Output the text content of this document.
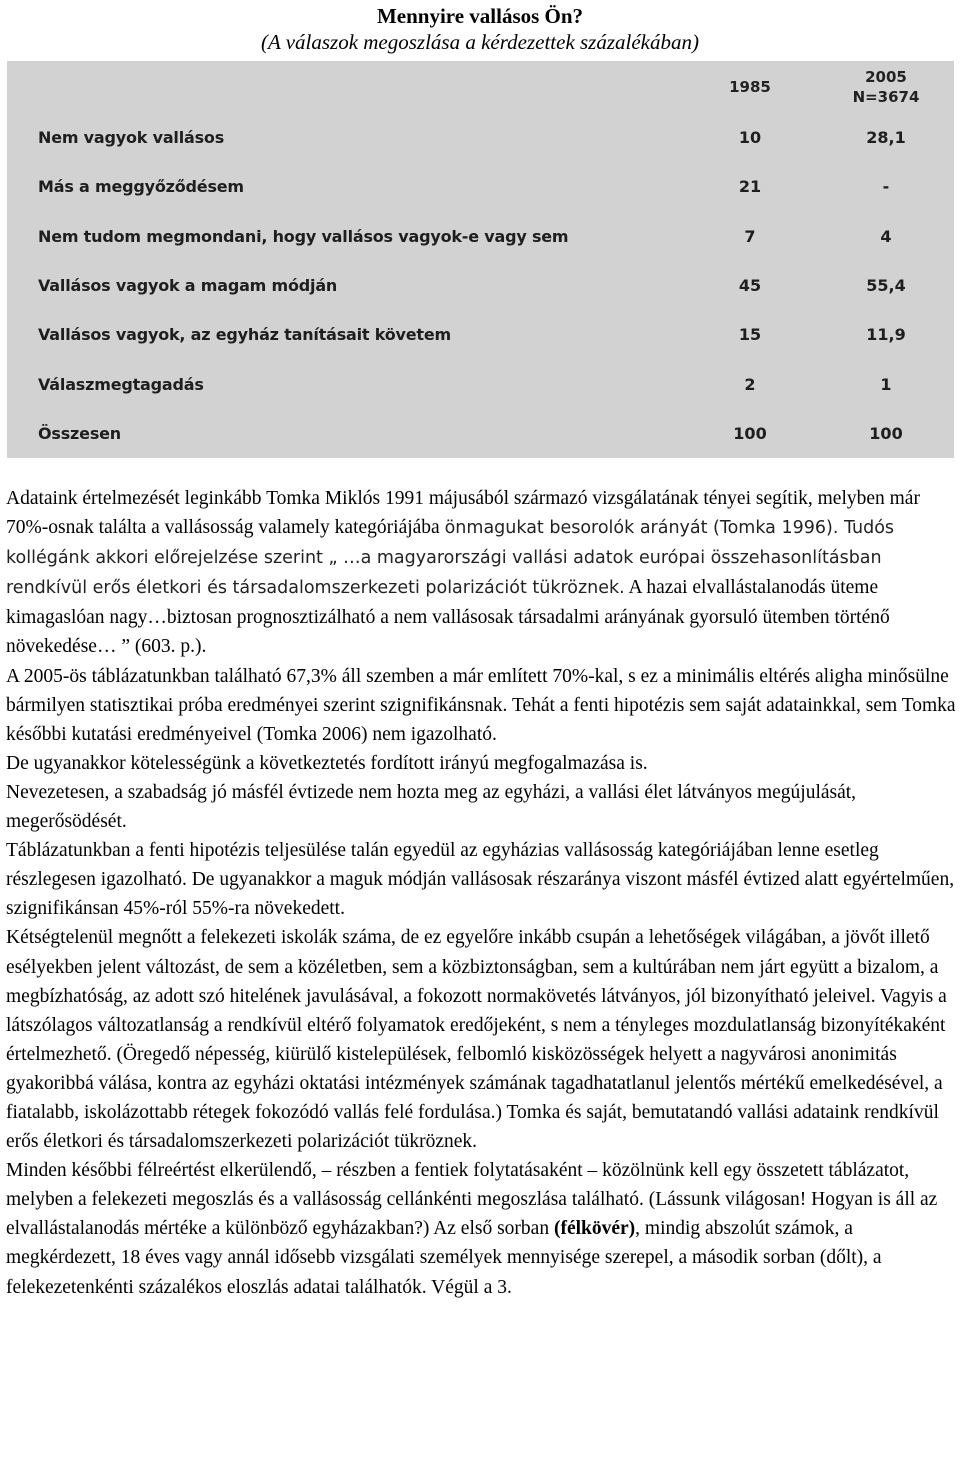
Mennyire vallásos Ön?
(A válaszok megoszlása a kérdezettek százalékában)
1985
2005
N=3674
Nem vagyok vallásos	10	28,1
Más a meggyőződésem	21	-
Nem tudom megmondani, hogy vallásos vagyok-e vagy sem	7	4
Vallásos vagyok a magam módján	45	55,4
Vallásos vagyok, az egyház tanításait követem	15	11,9
Válaszmegtagadás	2	1
Összesen	100	100

Adataink értelmezését leginkább Tomka Miklós 1991 májusából származó vizsgálatának tényei segítik, melyben már 70%-osnak találta a vallásosság valamely kategóriájába önmagukat besorolók arányát (Tomka 1996). Tudós kollégánk akkori előrejelzése szerint „ …a magyarországi vallási adatok európai összehasonlításban rendkívül erős életkori és társadalomszerkezeti polarizációt tükröznek. A hazai elvallástalanodás üteme kimagaslóan nagy…biztosan prognosztizálható a nem vallásosak társadalmi arányának gyorsuló ütemben történő növekedése… ” (603. p.).

A 2005-ös táblázatunkban található 67,3% áll szemben a már említett 70%-kal, s ez a minimális eltérés aligha minősülne bármilyen statisztikai próba eredményei szerint szignifikánsnak. Tehát a fenti hipotézis sem saját adatainkkal, sem Tomka későbbi kutatási eredményeivel (Tomka 2006) nem igazolható.

De ugyanakkor kötelességünk a következtetés fordított irányú megfogalmazása is.

Nevezetesen, a szabadság jó másfél évtizede nem hozta meg az egyházi, a vallási élet látványos megújulását, megerősödését.

Táblázatunkban a fenti hipotézis teljesülése talán egyedül az egyházias vallásosság kategóriájában lenne esetleg részlegesen igazolható. De ugyanakkor a maguk módján vallásosak részaránya viszont másfél évtized alatt egyértelműen, szignifikánsan 45%-ról 55%-ra növekedett.

Kétségtelenül megnőtt a felekezeti iskolák száma, de ez egyelőre inkább csupán a lehetőségek világában, a jövőt illető esélyekben jelent változást, de sem a közéletben, sem a közbiztonságban, sem a kultúrában nem járt együtt a bizalom, a megbízhatóság, az adott szó hitelének javulásával, a fokozott normakövetés látványos, jól bizonyítható jeleivel. Vagyis a látszólagos változatlanság a rendkívül eltérő folyamatok eredőjeként, s nem a tényleges mozdulatlanság bizonyítékaként értelmezhető. (Öregedő népesség, kiürülő kistelepülések, felbomló kisközösségek helyett a nagyvárosi anonimitás gyakoribbá válása, kontra az egyházi oktatási intézmények számának tagadhatatlanul jelentős mértékű emelkedésével, a fiatalabb, iskolázottabb rétegek fokozódó vallás felé fordulása.) Tomka és saját, bemutatandó vallási adataink rendkívül erős életkori és társadalomszerkezeti polarizációt tükröznek.

Minden későbbi félreértést elkerülendő, – részben a fentiek folytatásaként – közölnünk kell egy összetett táblázatot, melyben a felekezeti megoszlás és a vallásosság cellánkénti megoszlása található. (Lássunk világosan! Hogyan is áll az elvallástalanodás mértéke a különböző egyházakban?) Az első sorban (félkövér), mindig abszolút számok, a megkérdezett, 18 éves vagy annál idősebb vizsgálati személyek mennyisége szerepel, a második sorban (dőlt), a felekezetenkénti százalékos eloszlás adatai találhatók. Végül a 3.
